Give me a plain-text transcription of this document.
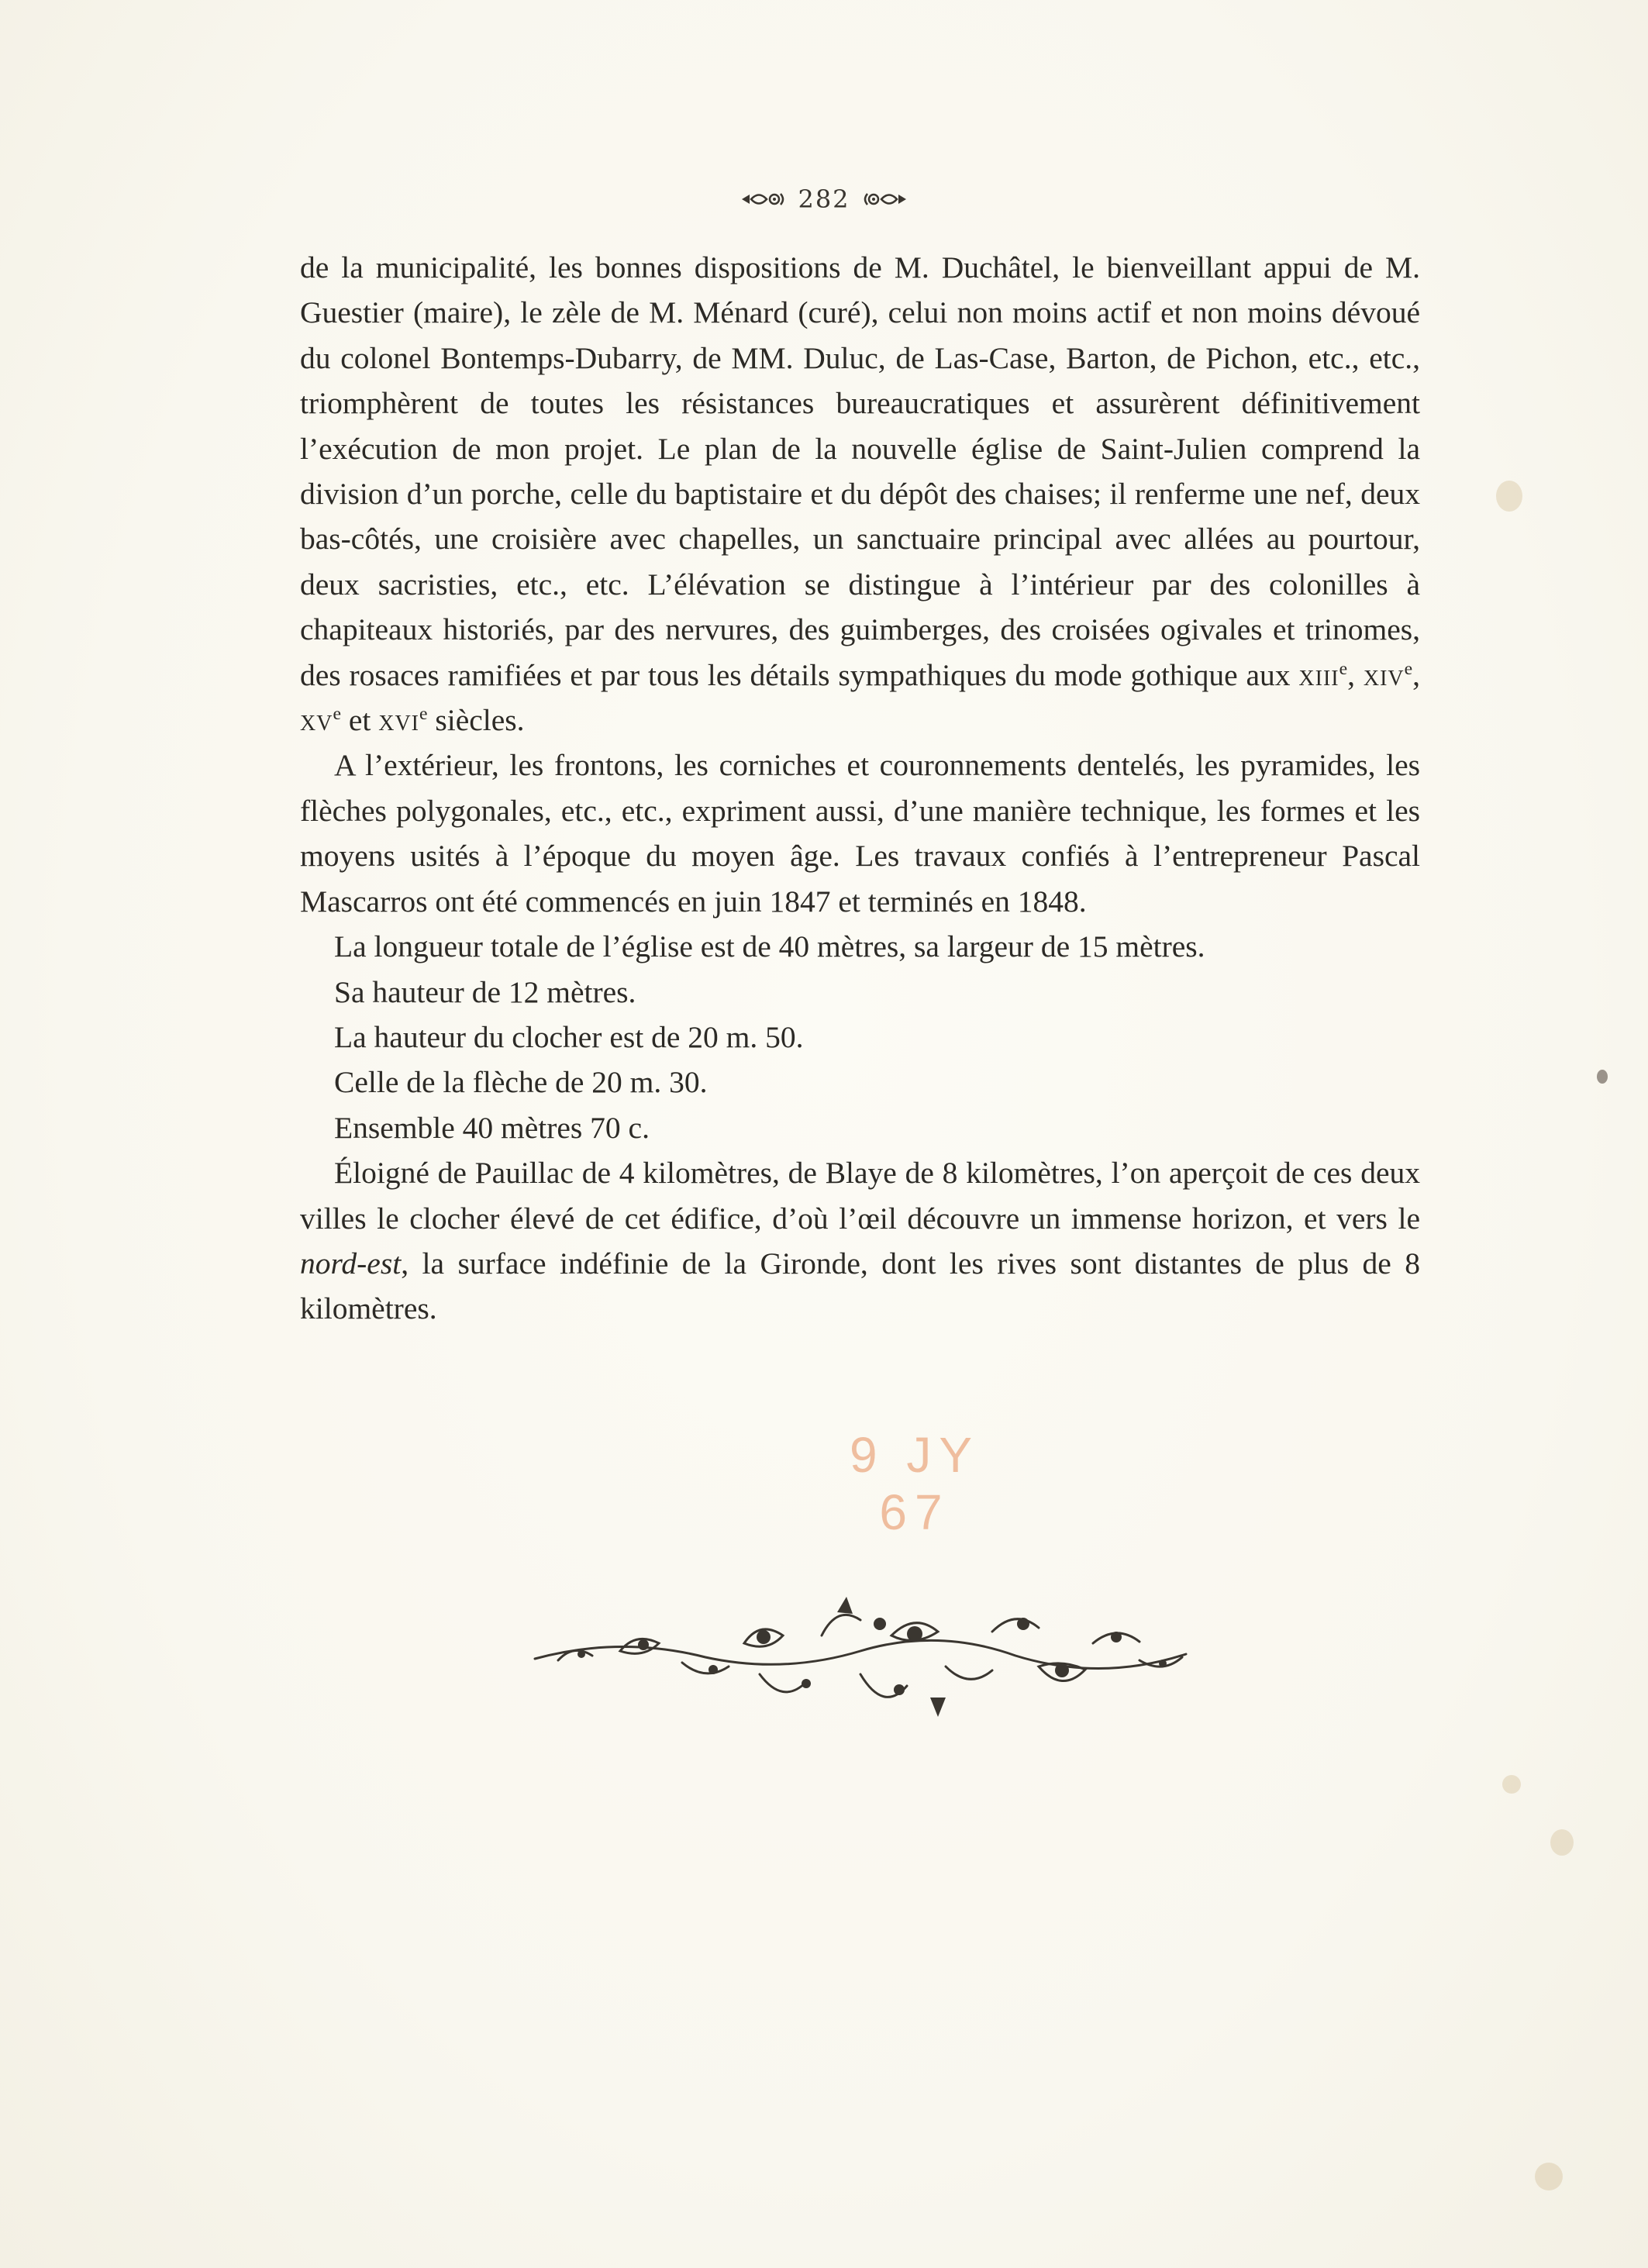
282

de la municipalité, les bonnes dispositions de M. Duchâtel, le bienveillant appui de M. Guestier (maire), le zèle de M. Ménard (curé), celui non moins actif et non moins dévoué du colonel Bontemps-Dubarry, de MM. Duluc, de Las-Case, Barton, de Pichon, etc., etc., triomphèrent de toutes les résistances bureaucratiques et assurèrent définitivement l’exécution de mon projet. Le plan de la nouvelle église de Saint-Julien comprend la division d’un porche, celle du baptistaire et du dépôt des chaises; il renferme une nef, deux bas-côtés, une croisière avec chapelles, un sanctuaire principal avec allées au pourtour, deux sacristies, etc., etc. L’élévation se distingue à l’intérieur par des colonilles à chapiteaux historiés, par des nervures, des guimberges, des croisées ogivales et trinomes, des rosaces ramifiées et par tous les détails sympathiques du mode gothique aux xiii$^e$, xiv$^e$, $xv^e$ et xvi$^e$ siècles.

A l’extérieur, les frontons, les corniches et couronnements dentelés, les pyramides, les flèches polygonales, etc., etc., expriment aussi, d’une manière technique, les formes et les moyens usités à l’époque du moyen âge. Les travaux confiés à l’entrepreneur Pascal Mascarros ont été commencés en juin 1847 et terminés en 1848.

La longueur totale de l’église est de 40 mètres, sa largeur de 15 mètres.

Sa hauteur de 12 mètres.

La hauteur du clocher est de 20 m. 50.

Celle de la flèche de 20 m. 30.

Ensemble 40 mètres 70 c.

Éloigné de Pauillac de 4 kilomètres, de Blaye de 8 kilomètres, l’on aperçoit de ces deux villes le clocher élevé de cet édifice, d’où l’œil découvre un immense horizon, et vers le nord-est, la surface indéfinie de la Gironde, dont les rives sont distantes de plus de 8 kilomètres.

9 JY 67
